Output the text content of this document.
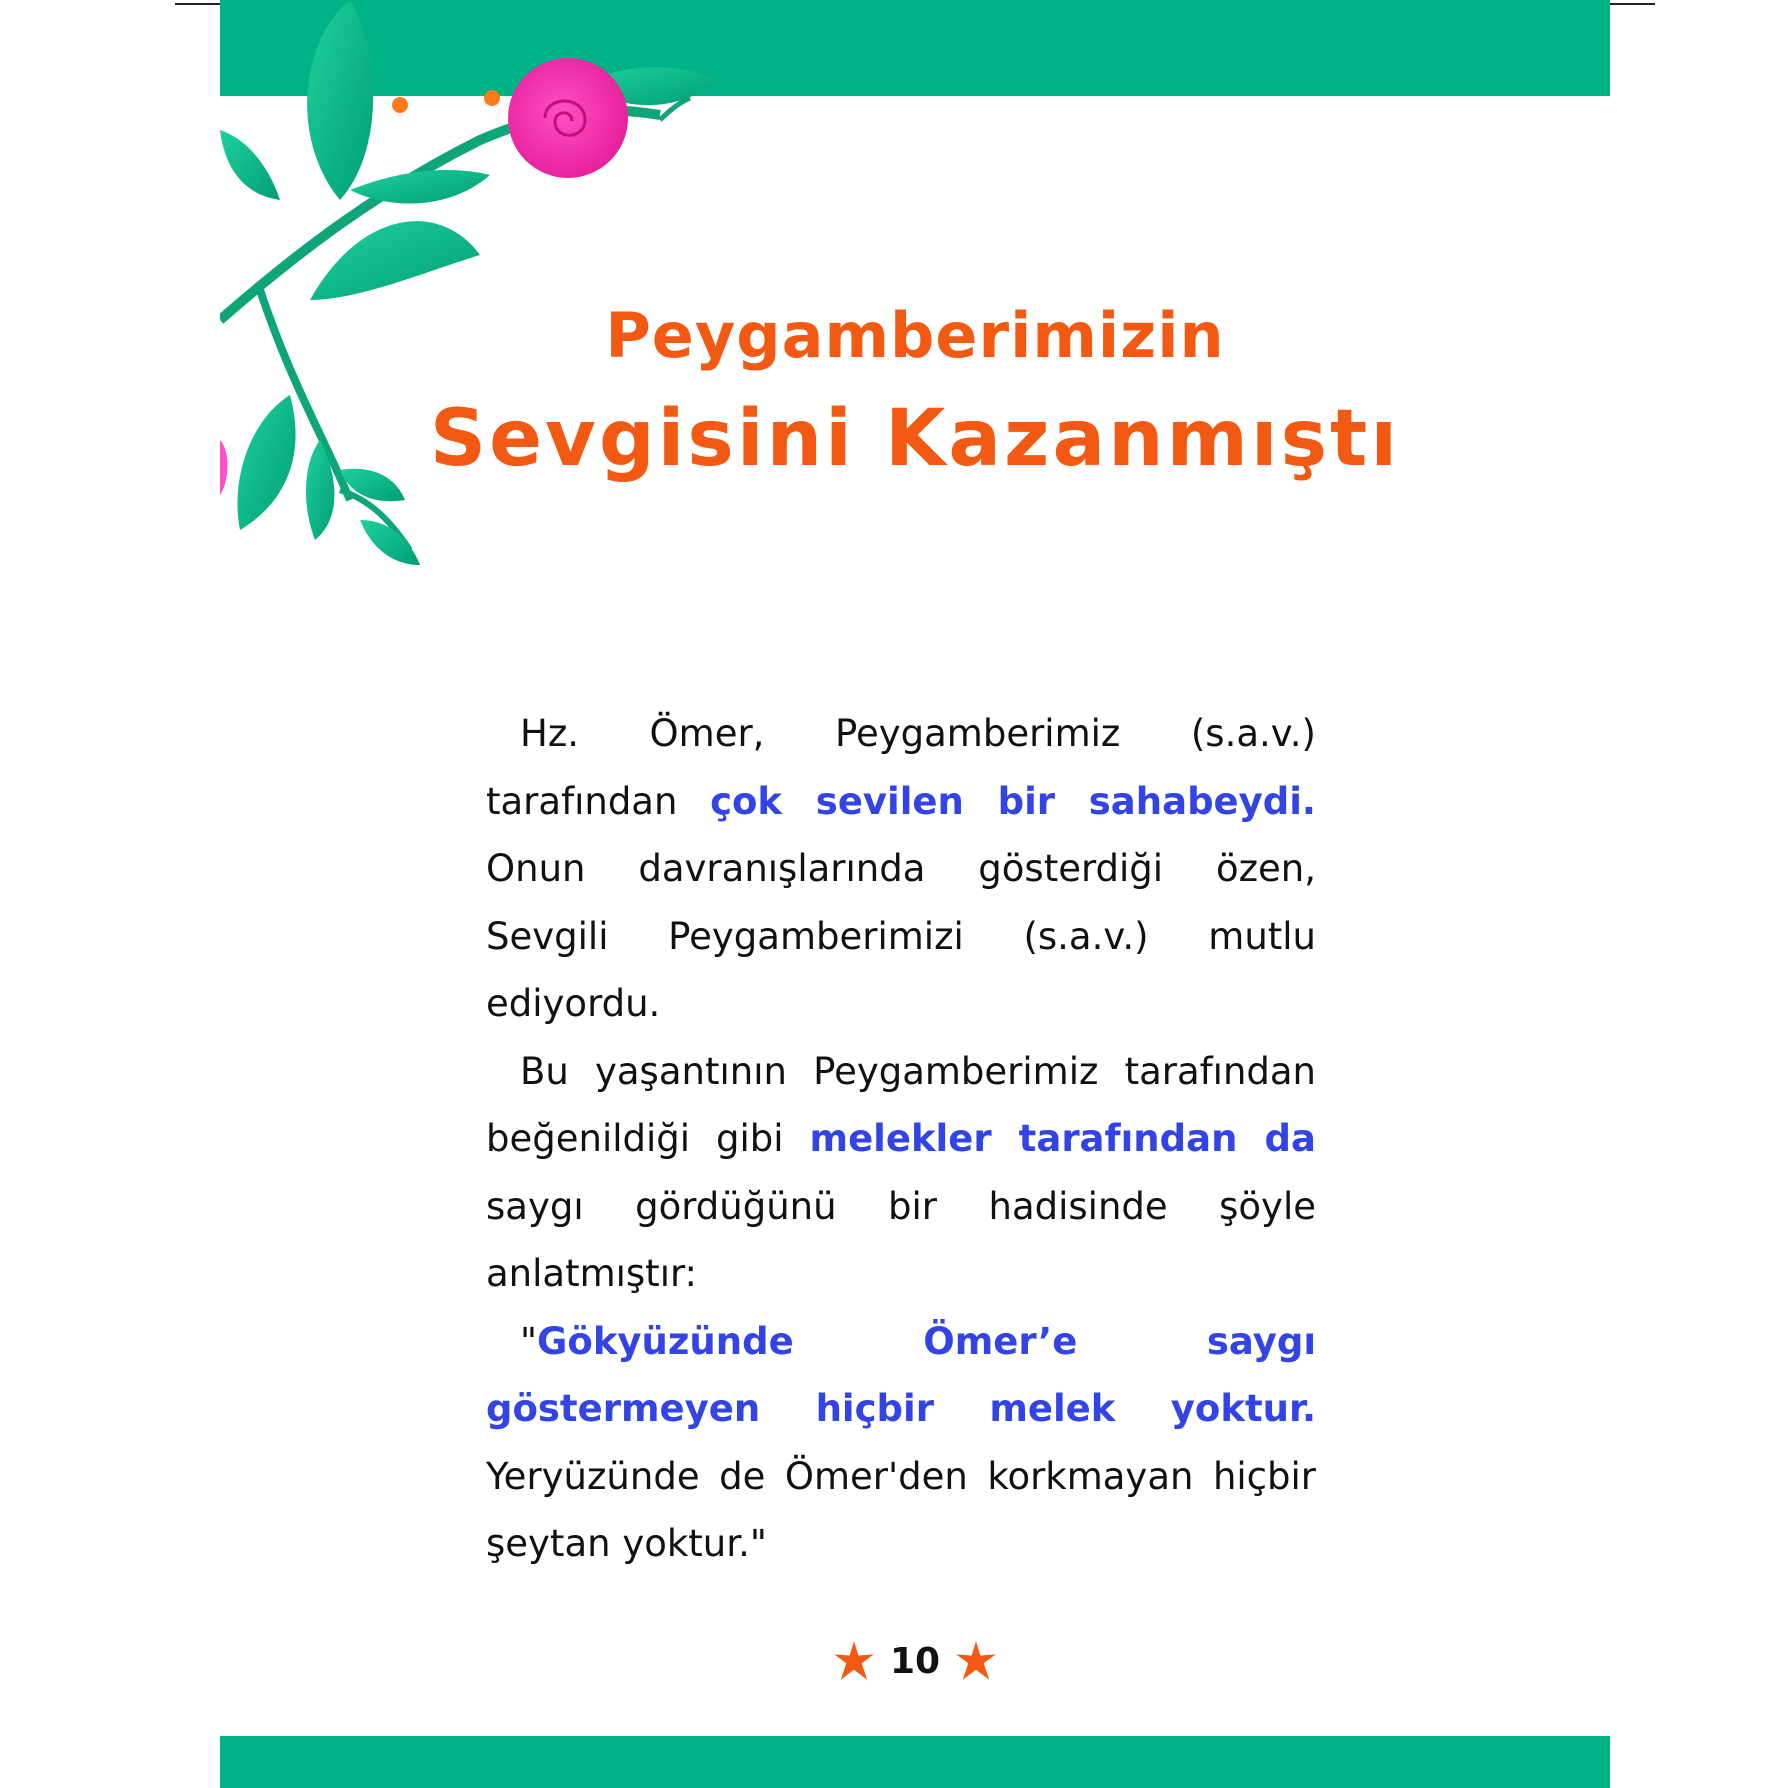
Peygamberimizin
Sevgisini Kazanmıştı

Hz. Ömer, Peygamberimiz (s.a.v.) tarafından çok sevilen bir sahabeydi. Onun davranışlarında gösterdiği özen, Sevgili Peygamberimizi (s.a.v.) mutlu ediyordu.

Bu yaşantının Peygamberimiz tarafından beğenildiği gibi melekler tarafından da saygı gördüğünü bir hadisinde şöyle anlatmıştır:

"Gökyüzünde Ömer’e saygı göstermeyen hiçbir melek yoktur. Yeryüzünde de Ömer'den korkmayan hiçbir şeytan yoktur."

10
